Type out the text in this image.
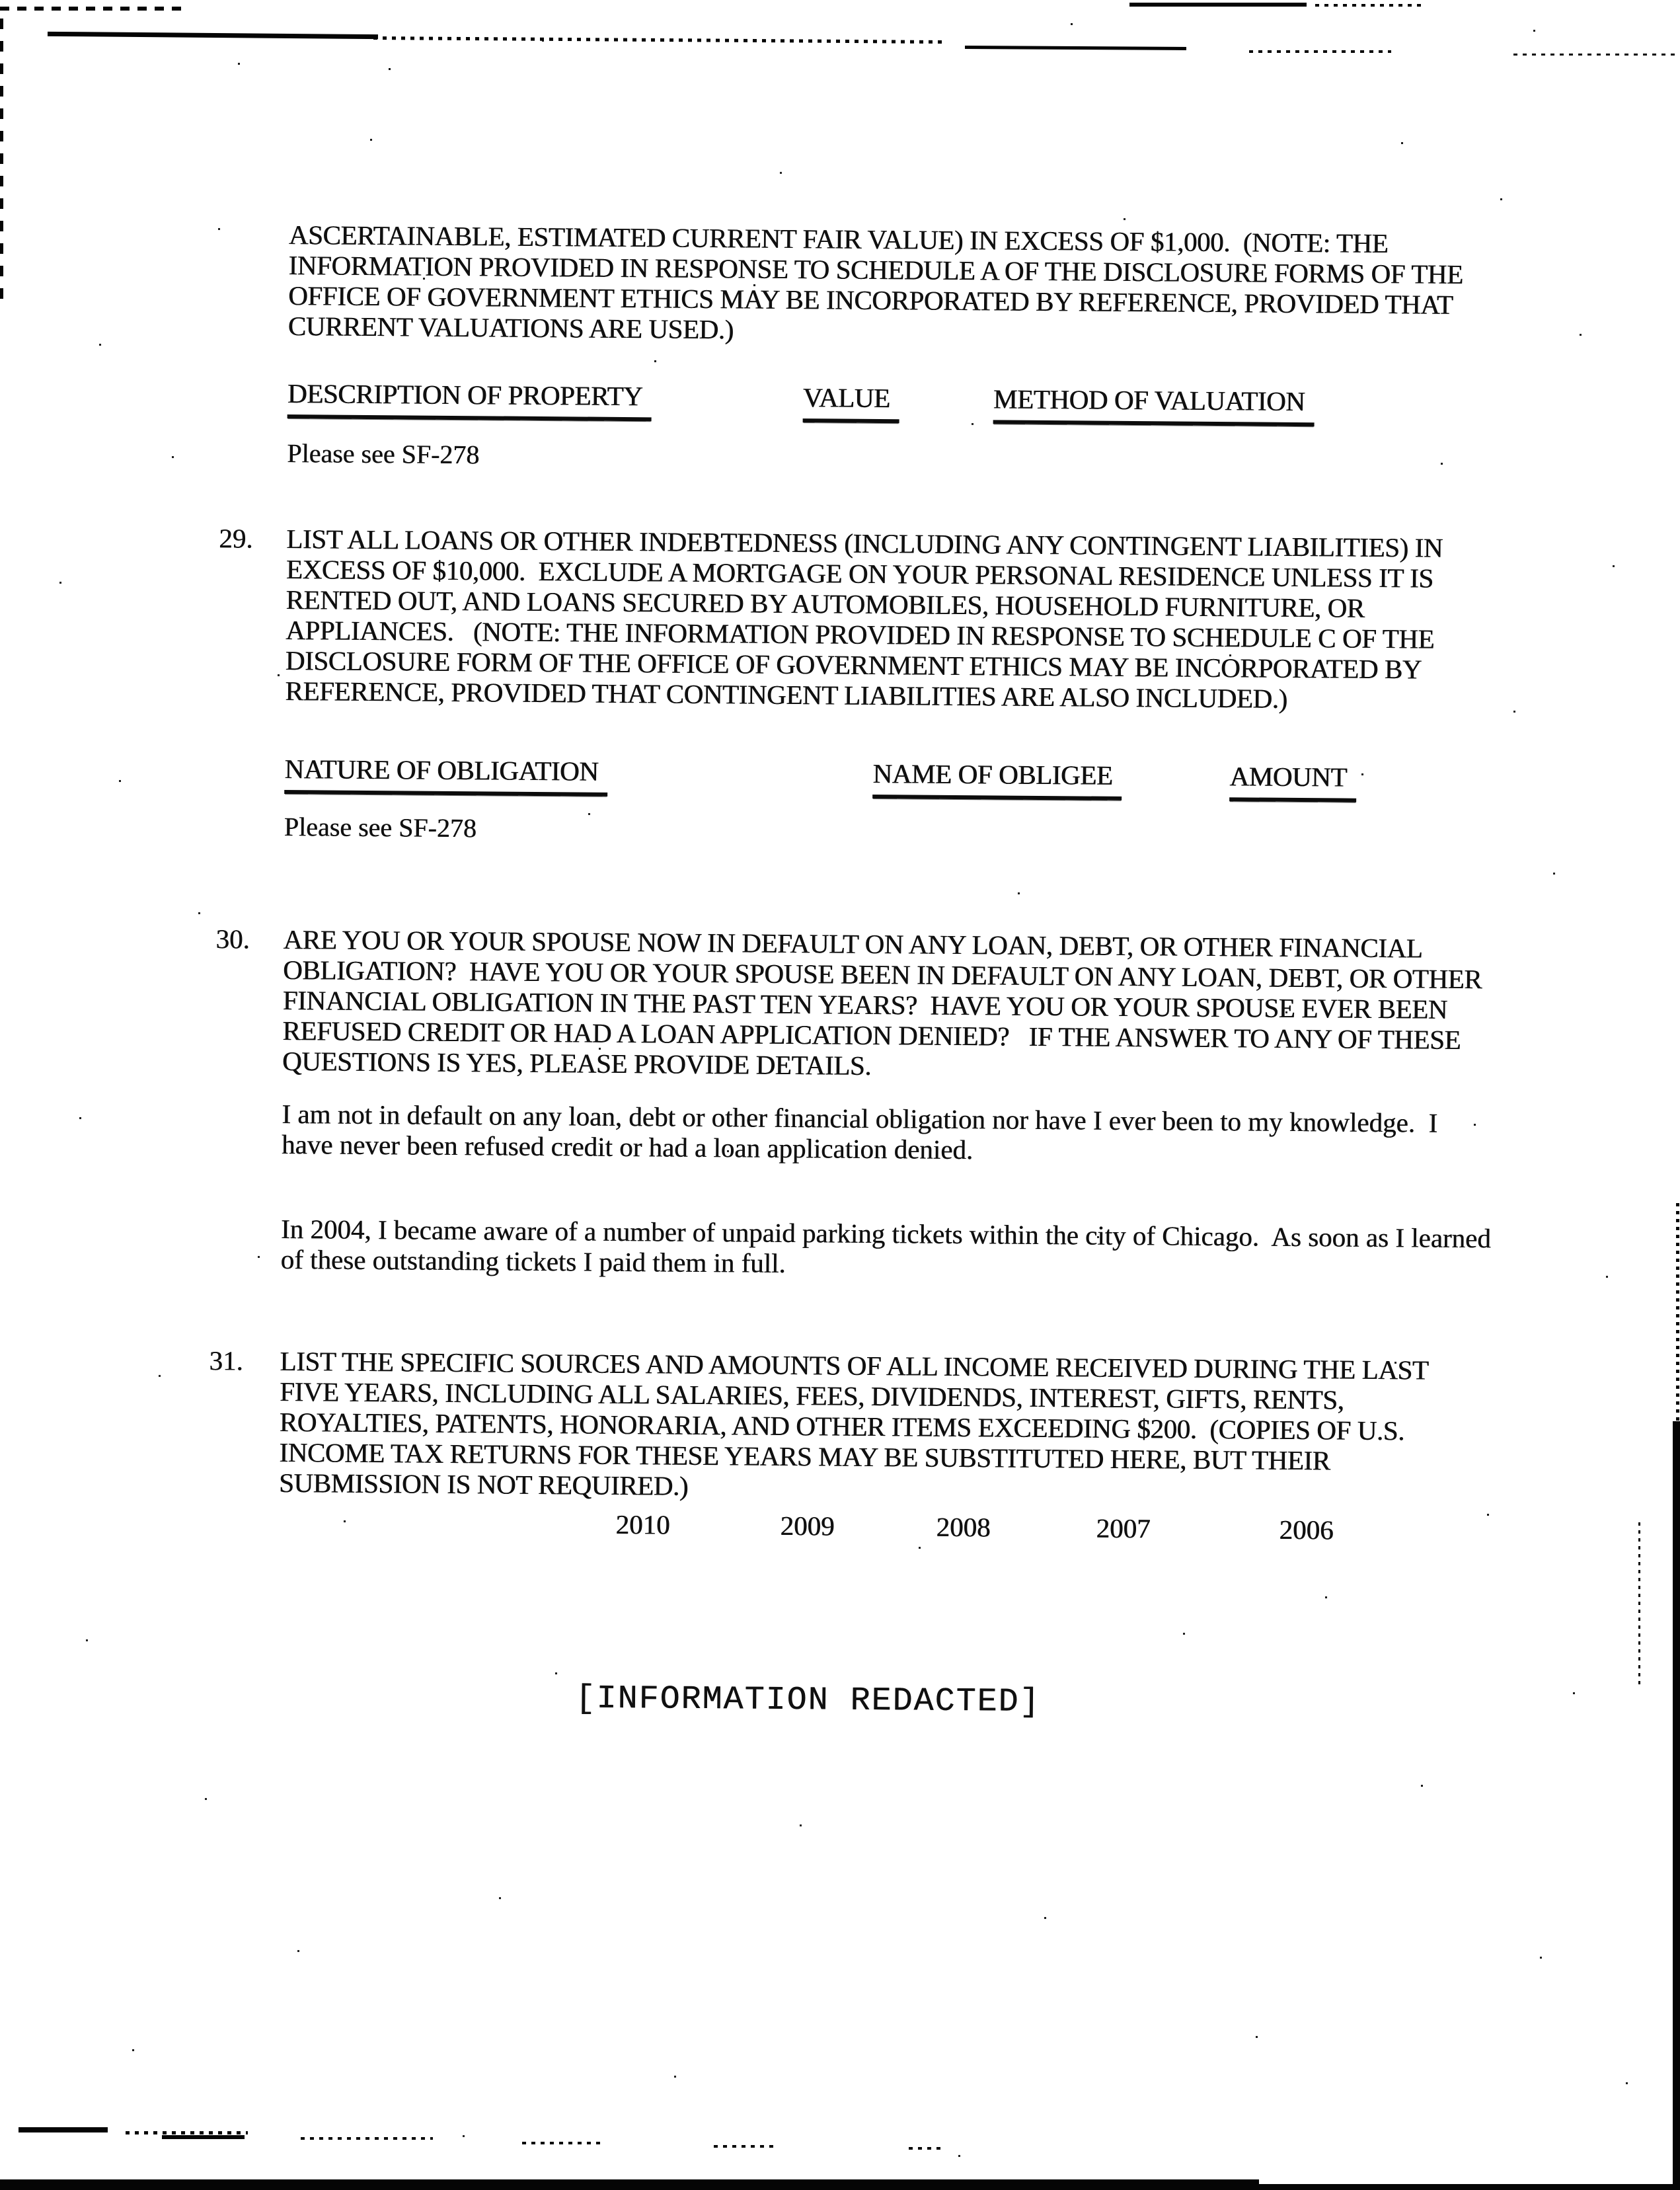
ASCERTAINABLE, ESTIMATED CURRENT FAIR VALUE) IN EXCESS OF $1,000.  (NOTE: THE INFORMATION PROVIDED IN RESPONSE TO SCHEDULE A OF THE DISCLOSURE FORMS OF THE OFFICE OF GOVERNMENT ETHICS MAY BE INCORPORATED BY REFERENCE, PROVIDED THAT CURRENT VALUATIONS ARE USED.)
DESCRIPTION OF PROPERTY	VALUE	METHOD OF VALUATION
Please see SF-278
29. LIST ALL LOANS OR OTHER INDEBTEDNESS (INCLUDING ANY CONTINGENT LIABILITIES) IN EXCESS OF $10,000.  EXCLUDE A MORTGAGE ON YOUR PERSONAL RESIDENCE UNLESS IT IS RENTED OUT, AND LOANS SECURED BY AUTOMOBILES, HOUSEHOLD FURNITURE, OR APPLIANCES.   (NOTE: THE INFORMATION PROVIDED IN RESPONSE TO SCHEDULE C OF THE DISCLOSURE FORM OF THE OFFICE OF GOVERNMENT ETHICS MAY BE INCORPORATED BY REFERENCE, PROVIDED THAT CONTINGENT LIABILITIES ARE ALSO INCLUDED.)
NATURE OF OBLIGATION	NAME OF OBLIGEE	AMOUNT
Please see SF-278
30. ARE YOU OR YOUR SPOUSE NOW IN DEFAULT ON ANY LOAN, DEBT, OR OTHER FINANCIAL OBLIGATION?  HAVE YOU OR YOUR SPOUSE BEEN IN DEFAULT ON ANY LOAN, DEBT, OR OTHER FINANCIAL OBLIGATION IN THE PAST TEN YEARS?  HAVE YOU OR YOUR SPOUSE EVER BEEN REFUSED CREDIT OR HAD A LOAN APPLICATION DENIED?   IF THE ANSWER TO ANY OF THESE QUESTIONS IS YES, PLEASE PROVIDE DETAILS.
I am not in default on any loan, debt or other financial obligation nor have I ever been to my knowledge.  I have never been refused credit or had a loan application denied.
In 2004, I became aware of a number of unpaid parking tickets within the city of Chicago.  As soon as I learned of these outstanding tickets I paid them in full.
31. LIST THE SPECIFIC SOURCES AND AMOUNTS OF ALL INCOME RECEIVED DURING THE LAST FIVE YEARS, INCLUDING ALL SALARIES, FEES, DIVIDENDS, INTEREST, GIFTS, RENTS, ROYALTIES, PATENTS, HONORARIA, AND OTHER ITEMS EXCEEDING $200.  (COPIES OF U.S. INCOME TAX RETURNS FOR THESE YEARS MAY BE SUBSTITUTED HERE, BUT THEIR SUBMISSION IS NOT REQUIRED.)
2010	2009	2008	2007	2006
[INFORMATION REDACTED]
